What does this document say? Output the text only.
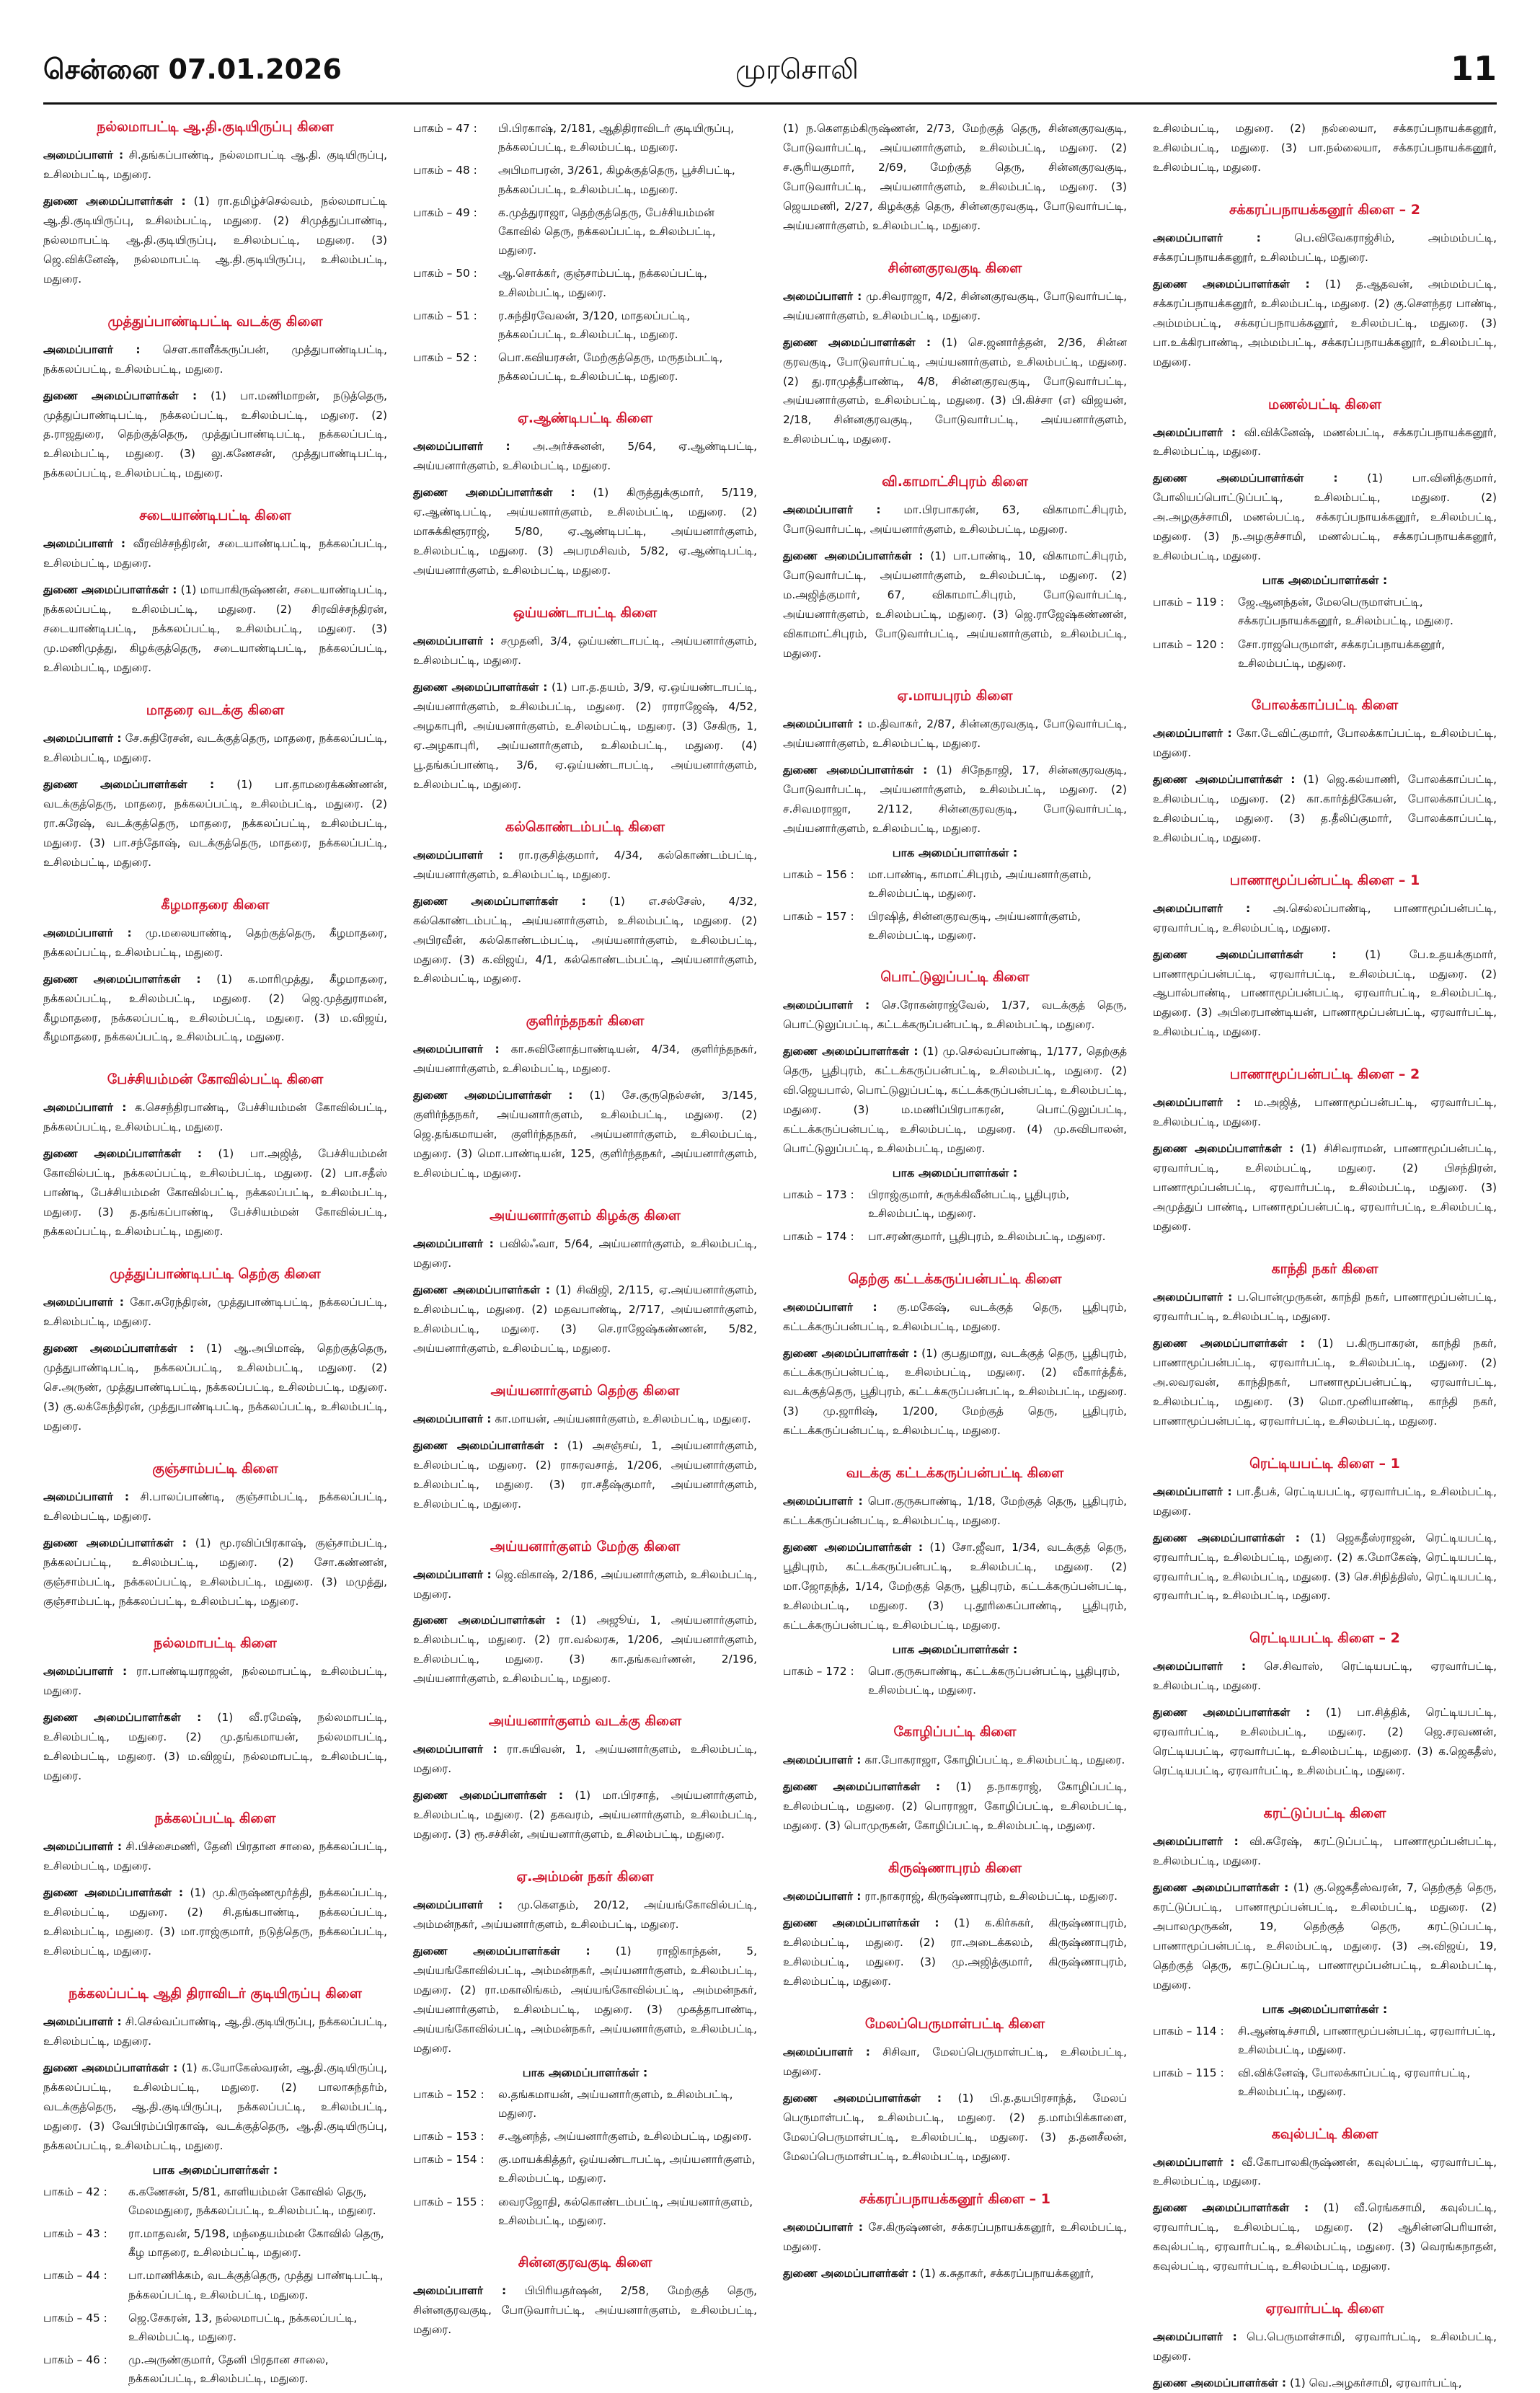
சென்னை 07.01.2026	முரசொலி	11
நல்லமாபட்டி ஆ.தி.குடியிருப்பு கிளை
அமைப்பாளர் : சி.தங்கப்பாண்டி, நல்லமாபட்டி ஆ.தி. குடியிருப்பு, உசிலம்பட்டி, மதுரை.
துணை அமைப்பாளர்கள் : (1) ரா.தமிழ்ச்செல்வம், நல்லமாபட்டி ஆ.தி.குடியிருப்பு, உசிலம்பட்டி, மதுரை. (2) சிமுத்துப்பாண்டி, நல்லமாபட்டி ஆ.தி.குடியிருப்பு, உசிலம்பட்டி, மதுரை. (3) ஜெ.விக்னேஷ், நல்லமாபட்டி ஆ.தி.குடியிருப்பு, உசிலம்பட்டி, மதுரை.
முத்துப்பாண்டிபட்டி வடக்கு கிளை
அமைப்பாளர் : செள.காளீக்கருப்பன், முத்துபாண்டிபட்டி, நக்கலப்பட்டி, உசிலம்பட்டி, மதுரை.
துணை அமைப்பாளர்கள் : (1) பா.மணிமாறன், நடுத்தெரு, முத்துப்பாண்டிபட்டி, நக்கலப்பட்டி, உசிலம்பட்டி, மதுரை. (2) த.ராஜதுரை, தெற்குத்தெரு, முத்துப்பாண்டிபட்டி, நக்கலப்பட்டி, உசிலம்பட்டி, மதுரை. (3) லு.கணேசன், முத்துபாண்டிபட்டி, நக்கலப்பட்டி, உசிலம்பட்டி, மதுரை.
சடையாண்டிபட்டி கிளை
அமைப்பாளர் : வீரவிச்சந்திரன், சடையாண்டிபட்டி, நக்கலப்பட்டி, உசிலம்பட்டி, மதுரை.
துணை அமைப்பாளர்கள் : (1) மாயாகிருஷ்ணன், சடையாண்டிபட்டி, நக்கலப்பட்டி, உசிலம்பட்டி, மதுரை. (2) சிரவிச்சந்திரன், சடையாண்டிபட்டி, நக்கலப்பட்டி, உசிலம்பட்டி, மதுரை. (3) மு.மணிமுத்து, கிழக்குத்தெரு, சடையாண்டிபட்டி, நக்கலப்பட்டி, உசிலம்பட்டி, மதுரை.
மாதரை வடக்கு கிளை
அமைப்பாளர் : சே.சுதிரேசன், வடக்குத்தெரு, மாதரை, நக்கலப்பட்டி, உசிலம்பட்டி, மதுரை.
துணை அமைப்பாளர்கள் : (1) பா.தாமரைக்கண்ணன், வடக்குத்தெரு, மாதரை, நக்கலப்பட்டி, உசிலம்பட்டி, மதுரை. (2) ரா.சுரேஷ், வடக்குத்தெரு, மாதரை, நக்கலப்பட்டி, உசிலம்பட்டி, மதுரை. (3) பா.சந்தோஷ், வடக்குத்தெரு, மாதரை, நக்கலப்பட்டி, உசிலம்பட்டி, மதுரை.
கீழமாதரை கிளை
அமைப்பாளர் : மு.மலையாண்டி, தெற்குத்தெரு, கீழமாதரை, நக்கலப்பட்டி, உசிலம்பட்டி, மதுரை.
துணை அமைப்பாளர்கள் : (1) க.மாரிமுத்து, கீழமாதரை, நக்கலப்பட்டி, உசிலம்பட்டி, மதுரை. (2) ஜெ.முத்துராமன், கீழமாதரை, நக்கலப்பட்டி, உசிலம்பட்டி, மதுரை. (3) ம.விஜய், கீழமாதரை, நக்கலப்பட்டி, உசிலம்பட்டி, மதுரை.
பேச்சியம்மன் கோவில்பட்டி கிளை
அமைப்பாளர் : க.செசந்திரபாண்டி, பேச்சியம்மன் கோவில்பட்டி, நக்கலப்பட்டி, உசிலம்பட்டி, மதுரை.
துணை அமைப்பாளர்கள் : (1) பா.அஜித், பேச்சியம்மன் கோவில்பட்டி, நக்கலப்பட்டி, உசிலம்பட்டி, மதுரை. (2) பா.சதீஸ் பாண்டி, பேச்சியம்மன் கோவில்பட்டி, நக்கலப்பட்டி, உசிலம்பட்டி, மதுரை. (3) த.தங்கப்பாண்டி, பேச்சியம்மன் கோவில்பட்டி, நக்கலப்பட்டி, உசிலம்பட்டி, மதுரை.
முத்துப்பாண்டிபட்டி தெற்கு கிளை
அமைப்பாளர் : கோ.சுரேந்திரன், முத்துபாண்டிபட்டி, நக்கலப்பட்டி, உசிலம்பட்டி, மதுரை.
துணை அமைப்பாளர்கள் : (1) ஆ.அபிமாஷ், தெற்குத்தெரு, முத்துபாண்டிபட்டி, நக்கலப்பட்டி, உசிலம்பட்டி, மதுரை. (2) செ.அருண், முத்துபாண்டிபட்டி, நக்கலப்பட்டி, உசிலம்பட்டி, மதுரை. (3) கு.லக்கேந்திரன், முத்துபாண்டிபட்டி, நக்கலப்பட்டி, உசிலம்பட்டி, மதுரை.
குஞ்சாம்பட்டி கிளை
அமைப்பாளர் : சி.பாலப்பாண்டி, குஞ்சாம்பட்டி, நக்கலப்பட்டி, உசிலம்பட்டி, மதுரை.
துணை அமைப்பாளர்கள் : (1) மூ.ரவிப்பிரகாஷ், குஞ்சாம்பட்டி, நக்கலப்பட்டி, உசிலம்பட்டி, மதுரை. (2) சோ.கண்ணன், குஞ்சாம்பட்டி, நக்கலப்பட்டி, உசிலம்பட்டி, மதுரை. (3) மமுத்து, குஞ்சாம்பட்டி, நக்கலப்பட்டி, உசிலம்பட்டி, மதுரை.
நல்லமாபட்டி கிளை
அமைப்பாளர் : ரா.பாண்டியராஜன், நல்லமாபட்டி, உசிலம்பட்டி, மதுரை.
துணை அமைப்பாளர்கள் : (1) வீ.ரமேஷ், நல்லமாபட்டி, உசிலம்பட்டி, மதுரை. (2) மு.தங்கமாயன், நல்லமாபட்டி, உசிலம்பட்டி, மதுரை. (3) ம.விஜய், நல்லமாபட்டி, உசிலம்பட்டி, மதுரை.
நக்கலப்பட்டி கிளை
அமைப்பாளர் : சி.பிச்சைமணி, தேனி பிரதான சாலை, நக்கலப்பட்டி, உசிலம்பட்டி, மதுரை.
துணை அமைப்பாளர்கள் : (1) மு.கிருஷ்ணமூர்த்தி, நக்கலப்பட்டி, உசிலம்பட்டி, மதுரை. (2) சி.தங்கபாண்டி, நக்கலப்பட்டி, உசிலம்பட்டி, மதுரை. (3) மா.ராஜ்குமார், நடுத்தெரு, நக்கலப்பட்டி, உசிலம்பட்டி, மதுரை.
நக்கலப்பட்டி ஆதி திராவிடர் குடியிருப்பு கிளை
அமைப்பாளர் : சி.செல்வப்பாண்டி, ஆ.தி.குடியிருப்பு, நக்கலப்பட்டி, உசிலம்பட்டி, மதுரை.
துணை அமைப்பாளர்கள் : (1) க.யோகேஸ்வரன், ஆ.தி.குடியிருப்பு, நக்கலப்பட்டி, உசிலம்பட்டி, மதுரை. (2) பாலாசுந்தர்ம், வடக்குத்தெரு, ஆ.தி.குடியிருப்பு, நக்கலப்பட்டி, உசிலம்பட்டி, மதுரை. (3) வேபிரம்ப்பிரகாஷ், வடக்குத்தெரு, ஆ.தி.குடியிருப்பு, நக்கலப்பட்டி, உசிலம்பட்டி, மதுரை.
பாக அமைப்பாளர்கள் :
பாகம் – 42 :	க.கணேசன், 5/81, காளியம்மன் கோவில் தெரு, மேலமதுரை, நக்கலப்பட்டி, உசிலம்பட்டி, மதுரை.
பாகம் – 43 :	ரா.மாதவன், 5/198, மந்தையம்மன் கோவில் தெரு, கீழ மாதரை, உசிலம்பட்டி, மதுரை.
பாகம் – 44 :	பா.மாணிக்கம், வடக்குத்தெரு, முத்து பாண்டிபட்டி, நக்கலப்பட்டி, உசிலம்பட்டி, மதுரை.
பாகம் – 45 :	ஜெ.சேகரன், 13, நல்லமாபட்டி, நக்கலப்பட்டி, உசிலம்பட்டி, மதுரை.
பாகம் – 46 :	மு.அருண்குமார், தேனி பிரதான சாலை, நக்கலப்பட்டி, உசிலம்பட்டி, மதுரை.
பாகம் – 47 :	பி.பிரகாஷ், 2/181, ஆதிதிராவிடர் குடியிருப்பு, நக்கலப்பட்டி, உசிலம்பட்டி, மதுரை.
பாகம் – 48 :	அபிமாபரன், 3/261, கிழக்குத்தெரு, பூச்சிபட்டி, நக்கலப்பட்டி, உசிலம்பட்டி, மதுரை.
பாகம் – 49 :	க.முத்துராஜா, தெற்குத்தெரு, பேச்சியம்மன் கோவில் தெரு, நக்கலப்பட்டி, உசிலம்பட்டி, மதுரை.
பாகம் – 50 :	ஆ.சொக்கர், குஞ்சாம்பட்டி, நக்கலப்பட்டி, உசிலம்பட்டி, மதுரை.
பாகம் – 51 :	ர.சுந்திரவேலன், 3/120, மாதலப்பட்டி, நக்கலப்பட்டி, உசிலம்பட்டி, மதுரை.
பாகம் – 52 :	பொ.கவியரசன், மேற்குத்தெரு, மருதம்பட்டி, நக்கலப்பட்டி, உசிலம்பட்டி, மதுரை.
ஏ.ஆண்டிபட்டி கிளை
அமைப்பாளர் : அ.அர்ச்சுனன், 5/64, ஏ.ஆண்டிபட்டி, அய்யனார்குளம், உசிலம்பட்டி, மதுரை.
துணை அமைப்பாளர்கள் : (1) கிருத்துக்குமார், 5/119, ஏ.ஆண்டிபட்டி, அய்யனார்குளம், உசிலம்பட்டி, மதுரை. (2) மாசுக்கிளூராஜ், 5/80, ஏ.ஆண்டிபட்டி, அய்யனார்குளம், உசிலம்பட்டி, மதுரை. (3) அபரமசிவம், 5/82, ஏ.ஆண்டிபட்டி, அய்யனார்குளம், உசிலம்பட்டி, மதுரை.
ஒய்யண்டாபட்டி கிளை
அமைப்பாளர் : சமுதனி, 3/4, ஒய்யண்டாபட்டி, அய்யனார்குளம், உசிலம்பட்டி, மதுரை.
துணை அமைப்பாளர்கள் : (1) பா.த.தயம், 3/9, ஏ.ஒய்யண்டாபட்டி, அய்யனார்குளம், உசிலம்பட்டி, மதுரை. (2) ராராஜேஷ், 4/52, அழகாபுரி, அய்யனார்குளம், உசிலம்பட்டி, மதுரை. (3) சேகிரு, 1, ஏ.அழகாபுரி, அய்யனார்குளம், உசிலம்பட்டி, மதுரை. (4) பூ.தங்கப்பாண்டி, 3/6, ஏ.ஒய்யண்டாபட்டி, அய்யனார்குளம், உசிலம்பட்டி, மதுரை.
கல்கொண்டம்பட்டி கிளை
அமைப்பாளர் : ரா.ரகுசித்குமார், 4/34, கல்கொண்டம்பட்டி, அய்யனார்குளம், உசிலம்பட்டி, மதுரை.
துணை அமைப்பாளர்கள் : (1) எ.சல்சேஸ், 4/32, கல்கொண்டம்பட்டி, அய்யனார்குளம், உசிலம்பட்டி, மதுரை. (2) அபிரவீன், கல்கொண்டம்பட்டி, அய்யனார்குளம், உசிலம்பட்டி, மதுரை. (3) க.விஜய், 4/1, கல்கொண்டம்பட்டி, அய்யனார்குளம், உசிலம்பட்டி, மதுரை.
குளிர்ந்தநகர் கிளை
அமைப்பாளர் : கா.சுவினோத்பாண்டியன், 4/34, குளிர்ந்தநகர், அய்யனார்குளம், உசிலம்பட்டி, மதுரை.
துணை அமைப்பாளர்கள் : (1) சே.குருநெல்சன், 3/145, குளிர்ந்தநகர், அய்யனார்குளம், உசிலம்பட்டி, மதுரை. (2) ஜெ.தங்கமாயன், குளிர்ந்தநகர், அய்யனார்குளம், உசிலம்பட்டி, மதுரை. (3) மொ.பாண்டியன், 125, குளிர்ந்தநகர், அய்யனார்குளம், உசிலம்பட்டி, மதுரை.
அய்யனார்குளம் கிழக்கு கிளை
அமைப்பாளர் : பவில்ஃவா, 5/64, அய்யனார்குளம், உசிலம்பட்டி, மதுரை.
துணை அமைப்பாளர்கள் : (1) சிவிஜி, 2/115, ஏ.அய்யனார்குளம், உசிலம்பட்டி, மதுரை. (2) மதவபாண்டி, 2/717, அய்யனார்குளம், உசிலம்பட்டி, மதுரை. (3) செ.ராஜேஷ்கண்ணன், 5/82, அய்யனார்குளம், உசிலம்பட்டி, மதுரை.
அய்யனார்குளம் தெற்கு கிளை
அமைப்பாளர் : கா.மாயன், அய்யனார்குளம், உசிலம்பட்டி, மதுரை.
துணை அமைப்பாளர்கள் : (1) அசஞ்சய், 1, அய்யனார்குளம், உசிலம்பட்டி, மதுரை. (2) ராசுரவசாத், 1/206, அய்யனார்குளம், உசிலம்பட்டி, மதுரை. (3) ரா.சதீஷ்குமார், அய்யனார்குளம், உசிலம்பட்டி, மதுரை.
அய்யனார்குளம் மேற்கு கிளை
அமைப்பாளர் : ஜெ.விகாஷ், 2/186, அய்யனார்குளம், உசிலம்பட்டி, மதுரை.
துணை அமைப்பாளர்கள் : (1) அஜூய், 1, அய்யனார்குளம், உசிலம்பட்டி, மதுரை. (2) ரா.வல்லரசு, 1/206, அய்யனார்குளம், உசிலம்பட்டி, மதுரை. (3) கா.தங்கவர்ணன், 2/196, அய்யனார்குளம், உசிலம்பட்டி, மதுரை.
அய்யனார்குளம் வடக்கு கிளை
அமைப்பாளர் : ரா.சுயிவன், 1, அய்யனார்குளம், உசிலம்பட்டி, மதுரை.
துணை அமைப்பாளர்கள் : (1) மா.பிரசாத், அய்யனார்குளம், உசிலம்பட்டி, மதுரை. (2) தகவரம், அய்யனார்குளம், உசிலம்பட்டி, மதுரை. (3) ரூ.சச்சின், அய்யனார்குளம், உசிலம்பட்டி, மதுரை.
ஏ.அம்மன் நகர் கிளை
அமைப்பாளர் : மு.கௌதம், 20/12, அய்யங்கோவில்பட்டி, அம்மன்நகர், அய்யனார்குளம், உசிலம்பட்டி, மதுரை.
துணை அமைப்பாளர்கள் : (1) ராஜிகாந்தன், 5, அய்யங்கோவில்பட்டி, அம்மன்நகர், அய்யனார்குளம், உசிலம்பட்டி, மதுரை. (2) ரா.மகாலிங்கம், அய்யங்கோவில்பட்டி, அம்மன்நகர், அய்யனார்குளம், உசிலம்பட்டி, மதுரை. (3) முகத்தாபாண்டி, அய்யங்கோவில்பட்டி, அம்மன்நகர், அய்யனார்குளம், உசிலம்பட்டி, மதுரை.
பாக அமைப்பாளர்கள் :
பாகம் – 152 :	ல.தங்கமாயன், அய்யனார்குளம், உசிலம்பட்டி, மதுரை.
பாகம் – 153 :	ச.ஆனந்த், அய்யனார்குளம், உசிலம்பட்டி, மதுரை.
பாகம் – 154 :	கு.மாயக்கித்தர், ஒய்யண்டாபட்டி, அய்யனார்குளம், உசிலம்பட்டி, மதுரை.
பாகம் – 155 :	வைரஜோதி, கல்கொண்டம்பட்டி, அய்யனார்குளம், உசிலம்பட்டி, மதுரை.
சின்னகுரவகுடி கிளை
அமைப்பாளர் : பிபிரியதர்ஷன், 2/58, மேற்குத் தெரு, சின்னகுரவகுடி, போடுவார்பட்டி, அய்யனார்குளம், உசிலம்பட்டி, மதுரை.
(1) ந.கௌதம்கிருஷ்ணன், 2/73, மேற்குத் தெரு, சின்னகுரவகுடி, போடுவார்பட்டி, அய்யனார்குளம், உசிலம்பட்டி, மதுரை. (2) ச.சூரியகுமார், 2/69, மேற்குத் தெரு, சின்னகுரவகுடி, போடுவார்பட்டி, அய்யனார்குளம், உசிலம்பட்டி, மதுரை. (3) ஜெயமணி, 2/27, கிழக்குத் தெரு, சின்னகுரவகுடி, போடுவார்பட்டி, அய்யனார்குளம், உசிலம்பட்டி, மதுரை.
சின்னகுரவகுடி கிளை
அமைப்பாளர் : மு.சிவராஜா, 4/2, சின்னகுரவகுடி, போடுவார்பட்டி, அய்யனார்குளம், உசிலம்பட்டி, மதுரை.
துணை அமைப்பாளர்கள் : (1) செ.ஜனார்த்தன், 2/36, சின்ன குரவகுடி, போடுவார்பட்டி, அய்யனார்குளம், உசிலம்பட்டி, மதுரை. (2) து.ராமுத்தீபாண்டி, 4/8, சின்னகுரவகுடி, போடுவார்பட்டி, அய்யனார்குளம், உசிலம்பட்டி, மதுரை. (3) பி.கிச்சா (எ) விஜயன், 2/18, சின்னகுரவகுடி, போடுவார்பட்டி, அய்யனார்குளம், உசிலம்பட்டி, மதுரை.
வி.காமாட்சிபுரம் கிளை
அமைப்பாளர் : மா.பிரபாகரன், 63, விகாமாட்சிபுரம், போடுவார்பட்டி, அய்யனார்குளம், உசிலம்பட்டி, மதுரை.
துணை அமைப்பாளர்கள் : (1) பா.பாண்டி, 10, விகாமாட்சிபுரம், போடுவார்பட்டி, அய்யனார்குளம், உசிலம்பட்டி, மதுரை. (2) ம.அஜித்குமார், 67, விகாமாட்சிபுரம், போடுவார்பட்டி, அய்யனார்குளம், உசிலம்பட்டி, மதுரை. (3) ஜெ.ராஜேஷ்கண்ணன், விகாமாட்சிபுரம், போடுவார்பட்டி, அய்யனார்குளம், உசிலம்பட்டி, மதுரை.
ஏ.மாயபுரம் கிளை
அமைப்பாளர் : ம.திவாகர், 2/87, சின்னகுரவகுடி, போடுவார்பட்டி, அய்யனார்குளம், உசிலம்பட்டி, மதுரை.
துணை அமைப்பாளர்கள் : (1) சிநேதாஜி, 17, சின்னகுரவகுடி, போடுவார்பட்டி, அய்யனார்குளம், உசிலம்பட்டி, மதுரை. (2) ச.சிவமராஜா, 2/112, சின்னகுரவகுடி, போடுவார்பட்டி, அய்யனார்குளம், உசிலம்பட்டி, மதுரை.
பாக அமைப்பாளர்கள் :
பாகம் – 156 :	மா.பாண்டி, காமாட்சிபுரம், அய்யனார்குளம், உசிலம்பட்டி, மதுரை.
பாகம் – 157 :	பிரஷித், சின்னகுரவகுடி, அய்யனார்குளம், உசிலம்பட்டி, மதுரை.
பொட்டுலுப்பட்டி கிளை
அமைப்பாளர் : செ.ரோகன்ராஜ்வேல், 1/37, வடக்குத் தெரு, பொட்டுலுப்பட்டி, கட்டக்கருப்பன்பட்டி, உசிலம்பட்டி, மதுரை.
துணை அமைப்பாளர்கள் : (1) மு.செல்வப்பாண்டி, 1/177, தெற்குத் தெரு, பூதிபுரம், கட்டக்கருப்பன்பட்டி, உசிலம்பட்டி, மதுரை. (2) வி.ஜெயபால், பொட்டுலுப்பட்டி, கட்டக்கருப்பன்பட்டி, உசிலம்பட்டி, மதுரை. (3) ம.மணிப்பிரபாகரன், பொட்டுலுப்பட்டி, கட்டக்கருப்பன்பட்டி, உசிலம்பட்டி, மதுரை. (4) மு.சுவிபாலன், பொட்டுலுப்பட்டி, உசிலம்பட்டி, மதுரை.
பாக அமைப்பாளர்கள் :
பாகம் – 173 :	பிராஜ்குமார், சுருக்கிவீன்பட்டி, பூதிபுரம், உசிலம்பட்டி, மதுரை.
பாகம் – 174 :	பா.சரண்குமார், பூதிபுரம், உசிலம்பட்டி, மதுரை.
தெற்கு கட்டக்கருப்பன்பட்டி கிளை
அமைப்பாளர் : கு.மகேஷ், வடக்குத் தெரு, பூதிபுரம், கட்டக்கருப்பன்பட்டி, உசிலம்பட்டி, மதுரை.
துணை அமைப்பாளர்கள் : (1) குபதுமாறு, வடக்குத் தெரு, பூதிபுரம், கட்டக்கருப்பன்பட்டி, உசிலம்பட்டி, மதுரை. (2) வீகார்த்தீக், வடக்குத்தெரு, பூதிபுரம், கட்டக்கருப்பன்பட்டி, உசிலம்பட்டி, மதுரை. (3) மு.ஜாரிஷ், 1/200, மேற்குத் தெரு, பூதிபுரம், கட்டக்கருப்பன்பட்டி, உசிலம்பட்டி, மதுரை.
வடக்கு கட்டக்கருப்பன்பட்டி கிளை
அமைப்பாளர் : பொ.குருசுபாண்டி, 1/18, மேற்குத் தெரு, பூதிபுரம், கட்டக்கருப்பன்பட்டி, உசிலம்பட்டி, மதுரை.
துணை அமைப்பாளர்கள் : (1) சோ.ஜீவா, 1/34, வடக்குத் தெரு, பூதிபுரம், கட்டக்கருப்பன்பட்டி, உசிலம்பட்டி, மதுரை. (2) மா.ஜோதந்த், 1/14, மேற்குத் தெரு, பூதிபுரம், கட்டக்கருப்பன்பட்டி, உசிலம்பட்டி, மதுரை. (3) பு.தூரிகைப்பாண்டி, பூதிபுரம், கட்டக்கருப்பன்பட்டி, உசிலம்பட்டி, மதுரை.
பாக அமைப்பாளர்கள் :
பாகம் – 172 :	பொ.குருசுபாண்டி, கட்டக்கருப்பன்பட்டி, பூதிபுரம், உசிலம்பட்டி, மதுரை.
கோழிப்பட்டி கிளை
அமைப்பாளர் : கா.போகராஜா, கோழிப்பட்டி, உசிலம்பட்டி, மதுரை.
துணை அமைப்பாளர்கள் : (1) த.நாகராஜ், கோழிப்பட்டி, உசிலம்பட்டி, மதுரை. (2) பொராஜா, கோழிப்பட்டி, உசிலம்பட்டி, மதுரை. (3) பொமுருகன், கோழிப்பட்டி, உசிலம்பட்டி, மதுரை.
கிருஷ்ணாபுரம் கிளை
அமைப்பாளர் : ரா.நாகராஜ், கிருஷ்ணாபுரம், உசிலம்பட்டி, மதுரை.
துணை அமைப்பாளர்கள் : (1) க.கிர்சுகர், கிருஷ்ணாபுரம், உசிலம்பட்டி, மதுரை. (2) ரா.அடைக்கலம், கிருஷ்ணாபுரம், உசிலம்பட்டி, மதுரை. (3) மு.அஜித்குமார், கிருஷ்ணாபுரம், உசிலம்பட்டி, மதுரை.
மேலப்பெருமாள்பட்டி கிளை
அமைப்பாளர் : சிசிவா, மேலப்பெருமாள்பட்டி, உசிலம்பட்டி, மதுரை.
துணை அமைப்பாளர்கள் : (1) பி.த.தயபிரசாந்த், மேலப் பெருமாள்பட்டி, உசிலம்பட்டி, மதுரை. (2) த.மாம்பிக்காளை, மேலப்பெருமாள்பட்டி, உசிலம்பட்டி, மதுரை. (3) த.தனசீலன், மேலப்பெருமாள்பட்டி, உசிலம்பட்டி, மதுரை.
சக்கரப்பநாயக்கனூர் கிளை – 1
அமைப்பாளர் : சே.கிருஷ்ணன், சக்கரப்பநாயக்கனூர், உசிலம்பட்டி, மதுரை.
துணை அமைப்பாளர்கள் : (1) க.சுதாகர், சக்கரப்பநாயக்கனூர்,
உசிலம்பட்டி, மதுரை. (2) நல்லையா, சக்கரப்பநாயக்கனூர், உசிலம்பட்டி, மதுரை. (3) பா.நல்லையா, சக்கரப்பநாயக்கனூர், உசிலம்பட்டி, மதுரை.
சக்கரப்பநாயக்கனூர் கிளை – 2
அமைப்பாளர் :	பெ.விவேகராஜ்சிம், அம்மம்பட்டி, சக்கரப்பநாயக்கனூர், உசிலம்பட்டி, மதுரை.
துணை அமைப்பாளர்கள் : (1) த.ஆதவன், அம்மம்பட்டி, சக்கரப்பநாயக்கனூர், உசிலம்பட்டி, மதுரை. (2) கு.சௌந்தர பாண்டி, அம்மம்பட்டி, சக்கரப்பநாயக்கனூர், உசிலம்பட்டி, மதுரை. (3) பா.உக்கிரபாண்டி, அம்மம்பட்டி, சக்கரப்பநாயக்கனூர், உசிலம்பட்டி, மதுரை.
மணல்பட்டி கிளை
அமைப்பாளர் : வி.விக்னேஷ், மணல்பட்டி, சக்கரப்பநாயக்கனூர், உசிலம்பட்டி, மதுரை.
துணை அமைப்பாளர்கள் :	(1) பா.வினித்குமார், போலியப்பொட்டுப்பட்டி, உசிலம்பட்டி, மதுரை. (2) அ.அழகுச்சாமி, மணல்பட்டி, சக்கரப்பநாயக்கனூர், உசிலம்பட்டி, மதுரை. (3) ந.அழகுச்சாமி, மணல்பட்டி, சக்கரப்பநாயக்கனூர், உசிலம்பட்டி, மதுரை.
பாக அமைப்பாளர்கள் :
பாகம் – 119 :	ஜே.ஆனந்தன், மேலபெருமாள்பட்டி, சக்கரப்பநாயக்கனூர், உசிலம்பட்டி, மதுரை.
பாகம் – 120 :	சோ.ராஜபெருமாள், சக்கரப்பநாயக்கனூர், உசிலம்பட்டி, மதுரை.
போலக்காப்பட்டி கிளை
அமைப்பாளர் : கோ.டேவிட்குமார், போலக்காப்பட்டி, உசிலம்பட்டி, மதுரை.
துணை அமைப்பாளர்கள் : (1) ஜெ.கல்யாணி, போலக்காப்பட்டி, உசிலம்பட்டி, மதுரை. (2) கா.கார்த்திகேயன், போலக்காப்பட்டி, உசிலம்பட்டி, மதுரை. (3) த.தீலிப்குமார், போலக்காப்பட்டி, உசிலம்பட்டி, மதுரை.
பாணாமூப்பன்பட்டி கிளை – 1
அமைப்பாளர் : அ.செல்லப்பாண்டி, பாணாமூப்பன்பட்டி, ஏரவார்பட்டி, உசிலம்பட்டி, மதுரை.
துணை அமைப்பாளர்கள் :	(1) பே.உதயக்குமார், பாணாமூப்பன்பட்டி, ஏரவார்பட்டி, உசிலம்பட்டி, மதுரை. (2) ஆபால்பாண்டி, பாணாமூப்பன்பட்டி, ஏரவார்பட்டி, உசிலம்பட்டி, மதுரை. (3) அபிரைபாண்டியன், பாணாமூப்பன்பட்டி, ஏரவார்பட்டி, உசிலம்பட்டி, மதுரை.
பாணாமூப்பன்பட்டி கிளை – 2
அமைப்பாளர் : ம.அஜித், பாணாமூப்பன்பட்டி, ஏரவார்பட்டி, உசிலம்பட்டி, மதுரை.
துணை அமைப்பாளர்கள் : (1) சிசிவராமன், பாணாமூப்பன்பட்டி, ஏரவார்பட்டி, உசிலம்பட்டி, மதுரை. (2) பிசந்திரன், பாணாமூப்பன்பட்டி, ஏரவார்பட்டி, உசிலம்பட்டி, மதுரை. (3) அமுத்துப் பாண்டி, பாணாமூப்பன்பட்டி, ஏரவார்பட்டி, உசிலம்பட்டி, மதுரை.
காந்தி நகர் கிளை
அமைப்பாளர் : ப.பொன்முருகன், காந்தி நகர், பாணாமூப்பன்பட்டி, ஏரவார்பட்டி, உசிலம்பட்டி, மதுரை.
துணை அமைப்பாளர்கள் : (1) ப.கிருபாகரன், காந்தி நகர், பாணாமூப்பன்பட்டி, ஏரவார்பட்டி, உசிலம்பட்டி, மதுரை. (2) அ.லவரவன், காந்திநகர், பாணாமூப்பன்பட்டி, ஏரவார்பட்டி, உசிலம்பட்டி, மதுரை. (3) மொ.முனியாண்டி, காந்தி நகர், பாணாமூப்பன்பட்டி, ஏரவார்பட்டி, உசிலம்பட்டி, மதுரை.
ரெட்டியபட்டி கிளை – 1
அமைப்பாளர் : பா.தீபக், ரெட்டியபட்டி, ஏரவார்பட்டி, உசிலம்பட்டி, மதுரை.
துணை அமைப்பாளர்கள் : (1) ஜெகதீஸ்ராஜன், ரெட்டியபட்டி, ஏரவார்பட்டி, உசிலம்பட்டி, மதுரை. (2) க.மோகேஷ், ரெட்டியபட்டி, ஏரவார்பட்டி, உசிலம்பட்டி, மதுரை. (3) செ.சிநித்திஸ், ரெட்டியபட்டி, ஏரவார்பட்டி, உசிலம்பட்டி, மதுரை.
ரெட்டியபட்டி கிளை – 2
அமைப்பாளர் : செ.சிவாஸ், ரெட்டியபட்டி, ஏரவார்பட்டி, உசிலம்பட்டி, மதுரை.
துணை அமைப்பாளர்கள் : (1) பா.சித்திக், ரெட்டியபட்டி, ஏரவார்பட்டி, உசிலம்பட்டி, மதுரை. (2) ஜெ.சரவணன், ரெட்டியபட்டி, ஏரவார்பட்டி, உசிலம்பட்டி, மதுரை. (3) க.ஜெகதீஸ், ரெட்டியபட்டி, ஏரவார்பட்டி, உசிலம்பட்டி, மதுரை.
கரட்டுப்பட்டி கிளை
அமைப்பாளர் : வி.சுரேஷ், கரட்டுப்பட்டி, பாணாமூப்பன்பட்டி, உசிலம்பட்டி, மதுரை.
துணை அமைப்பாளர்கள் : (1) கு.ஜெகதீஸ்வரன், 7, தெற்குத் தெரு, கரட்டுப்பட்டி, பாணாமூப்பன்பட்டி, உசிலம்பட்டி, மதுரை. (2) அபாலமுருகன், 19, தெற்குத் தெரு, கரட்டுப்பட்டி, பாணாமூப்பன்பட்டி, உசிலம்பட்டி, மதுரை. (3) அ.விஜய், 19, தெற்குத் தெரு, கரட்டுப்பட்டி, பாணாமூப்பன்பட்டி, உசிலம்பட்டி, மதுரை.
பாக அமைப்பாளர்கள் :
பாகம் – 114 :	சி.ஆண்டிச்சாமி, பாணாமூப்பன்பட்டி, ஏரவார்பட்டி, உசிலம்பட்டி, மதுரை.
பாகம் – 115 :	வி.விக்னேஷ், போலக்காப்பட்டி, ஏரவார்பட்டி, உசிலம்பட்டி, மதுரை.
கவுல்பட்டி கிளை
அமைப்பாளர் : வீ.கோபாலகிருஷ்ணன், கவுல்பட்டி, ஏரவார்பட்டி, உசிலம்பட்டி, மதுரை.
துணை அமைப்பாளர்கள் : (1) வீ.ரெங்கசாமி, கவுல்பட்டி, ஏரவார்பட்டி, உசிலம்பட்டி, மதுரை. (2) ஆசின்னபெரியான், கவுல்பட்டி, ஏரவார்பட்டி, உசிலம்பட்டி, மதுரை. (3) வெரங்கநாதன், கவுல்பட்டி, ஏரவார்பட்டி, உசிலம்பட்டி, மதுரை.
ஏரவார்பட்டி கிளை
அமைப்பாளர் : பெ.பெருமாள்சாமி, ஏரவார்பட்டி, உசிலம்பட்டி, மதுரை.
துணை அமைப்பாளர்கள் : (1) வெ.அழகர்சாமி, ஏரவார்பட்டி,
